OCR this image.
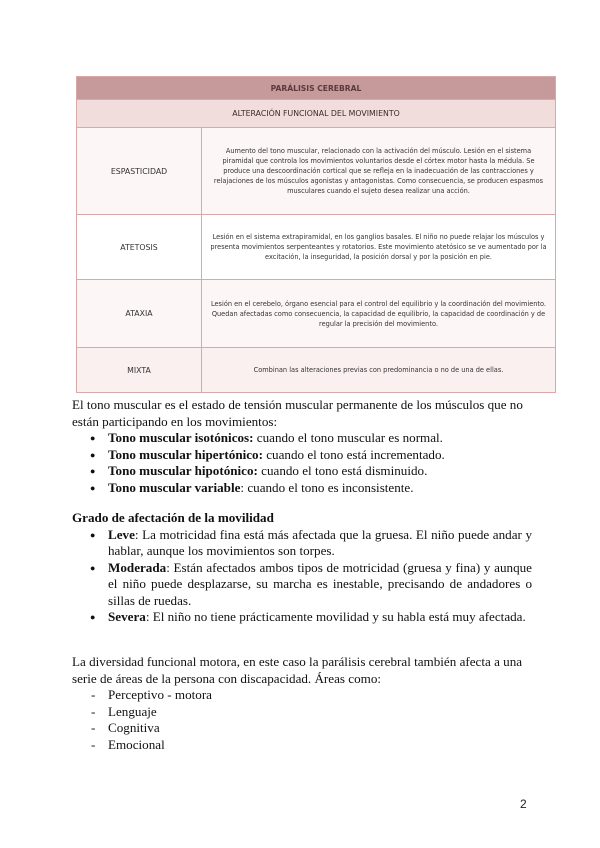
PARÁLISIS CEREBRAL	
ALTERACIÓN FUNCIONAL DEL MOVIMIENTO	
ESPASTICIDAD	Aumento del tono muscular, relacionado con la activación del músculo. Lesión en el sistema piramidal que controla los movimientos voluntarios desde el córtex motor hasta la médula. Se produce una descoordinación cortical que se refleja en la inadecuación de las contracciones y relajaciones de los músculos agonistas y antagonistas. Como consecuencia, se producen espasmos musculares cuando el sujeto desea realizar una acción.
ATETOSIS	Lesión en el sistema extrapiramidal, en los ganglios basales. El niño no puede relajar los músculos y presenta movimientos serpenteantes y rotatorios. Este movimiento atetósico se ve aumentado por la excitación, la inseguridad, la posición dorsal y por la posición en pie.
ATAXIA	Lesión en el cerebelo, órgano esencial para el control del equilibrio y la coordinación del movimiento. Quedan afectadas como consecuencia, la capacidad de equilibrio, la capacidad de coordinación y de regular la precisión del movimiento.
MIXTA	Combinan las alteraciones previas con predominancia o no de una de ellas.
El tono muscular es el estado de tensión muscular permanente de los músculos que no están participando en los movimientos:
● Tono muscular isotónicos: cuando el tono muscular es normal.
● Tono muscular hipertónico: cuando el tono está incrementado.
● Tono muscular hipotónico: cuando el tono está disminuido.
● Tono muscular variable: cuando el tono es inconsistente.
Grado de afectación de la movilidad
● Leve: La motricidad fina está más afectada que la gruesa. El niño puede andar y hablar, aunque los movimientos son torpes.
● Moderada: Están afectados ambos tipos de motricidad (gruesa y fina) y aunque el niño puede desplazarse, su marcha es inestable, precisando de andadores o sillas de ruedas.
● Severa: El niño no tiene prácticamente movilidad y su habla está muy afectada.
La diversidad funcional motora, en este caso la parálisis cerebral también afecta a una serie de áreas de la persona con discapacidad. Áreas como:
- Perceptivo - motora
- Lenguaje
- Cognitiva
- Emocional
2
